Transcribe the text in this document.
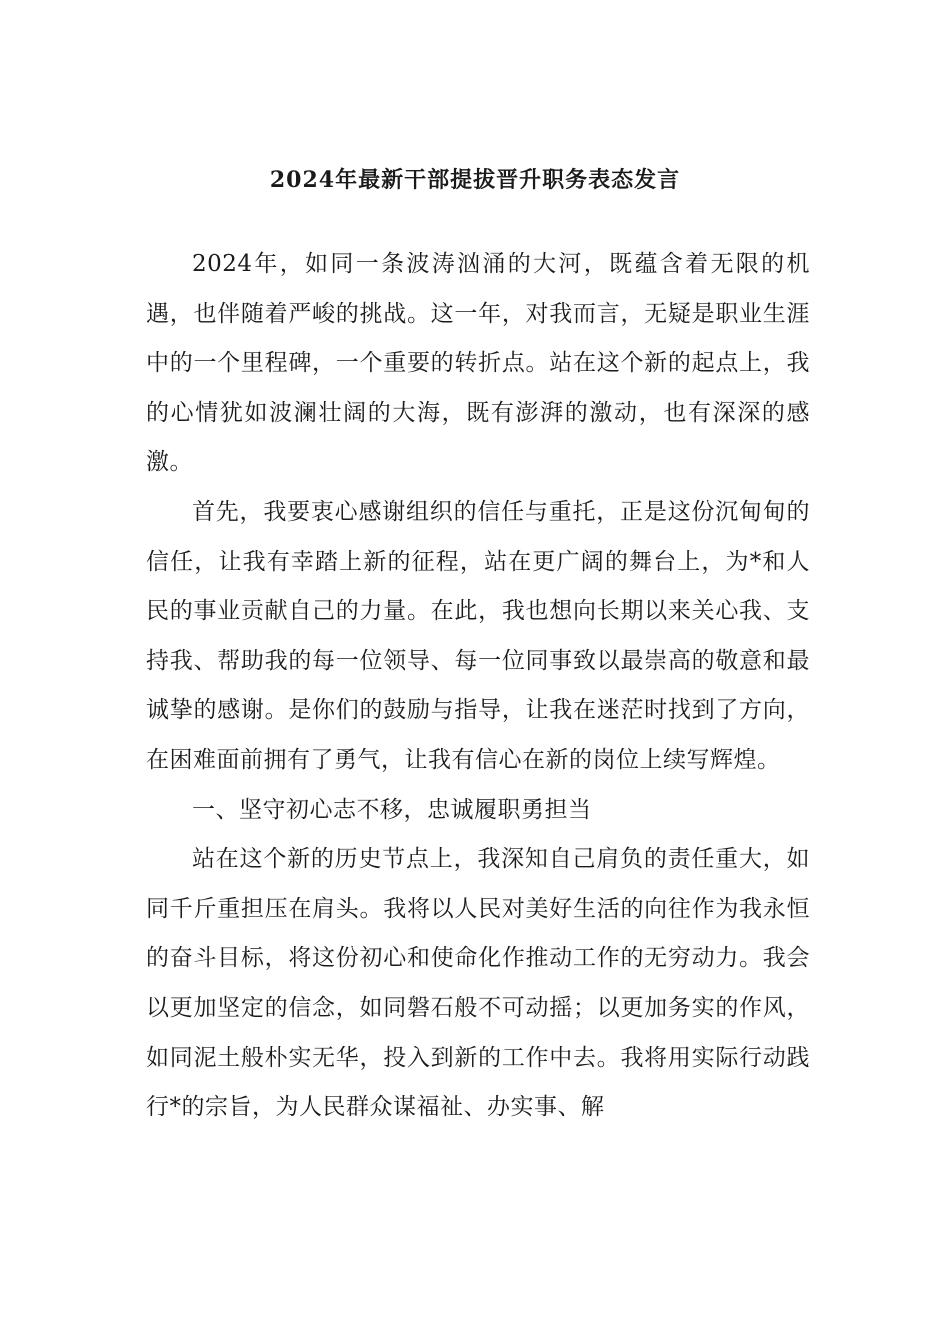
2024年最新干部提拔晋升职务表态发言

2024年，如同一条波涛汹涌的大河，既蕴含着无限的机遇，也伴随着严峻的挑战。这一年，对我而言，无疑是职业生涯中的一个里程碑，一个重要的转折点。站在这个新的起点上，我的心情犹如波澜壮阔的大海，既有澎湃的激动，也有深深的感激。

首先，我要衷心感谢组织的信任与重托，正是这份沉甸甸的信任，让我有幸踏上新的征程，站在更广阔的舞台上，为*和人民的事业贡献自己的力量。在此，我也想向长期以来关心我、支持我、帮助我的每一位领导、每一位同事致以最崇高的敬意和最诚挚的感谢。是你们的鼓励与指导，让我在迷茫时找到了方向，在困难面前拥有了勇气，让我有信心在新的岗位上续写辉煌。

一、坚守初心志不移，忠诚履职勇担当

站在这个新的历史节点上，我深知自己肩负的责任重大，如同千斤重担压在肩头。我将以人民对美好生活的向往作为我永恒的奋斗目标，将这份初心和使命化作推动工作的无穷动力。我会以更加坚定的信念，如同磐石般不可动摇；以更加务实的作风，如同泥土般朴实无华，投入到新的工作中去。我将用实际行动践行*的宗旨，为人民群众谋福祉、办实事、解
